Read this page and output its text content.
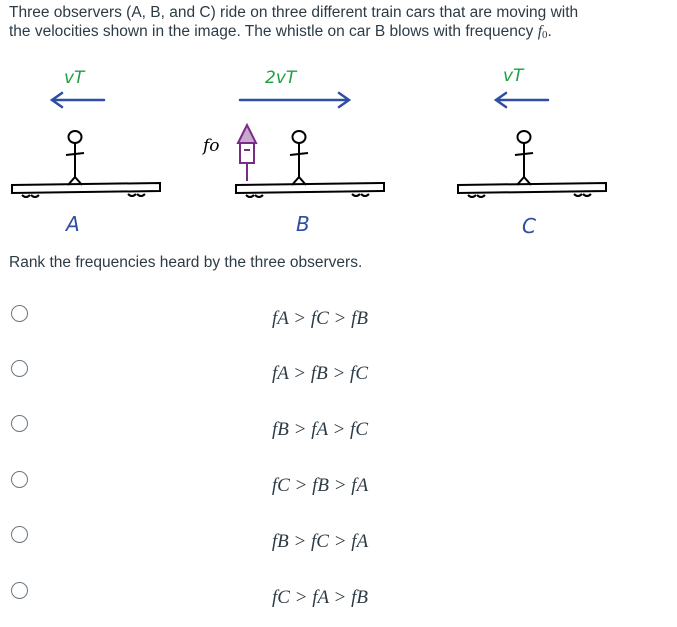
Three observers (A, B, and C) ride on three different train cars that are moving with
the velocities shown in the image. The whistle on car B blows with frequency $f_0$.
vT
A
2vT
fo
B
vT
C
Rank the frequencies heard by the three observers.
fA > fC > fB
fA > fB > fC
fB > fA > fC
fC > fB > fA
fB > fC > fA
fC > fA > fB
